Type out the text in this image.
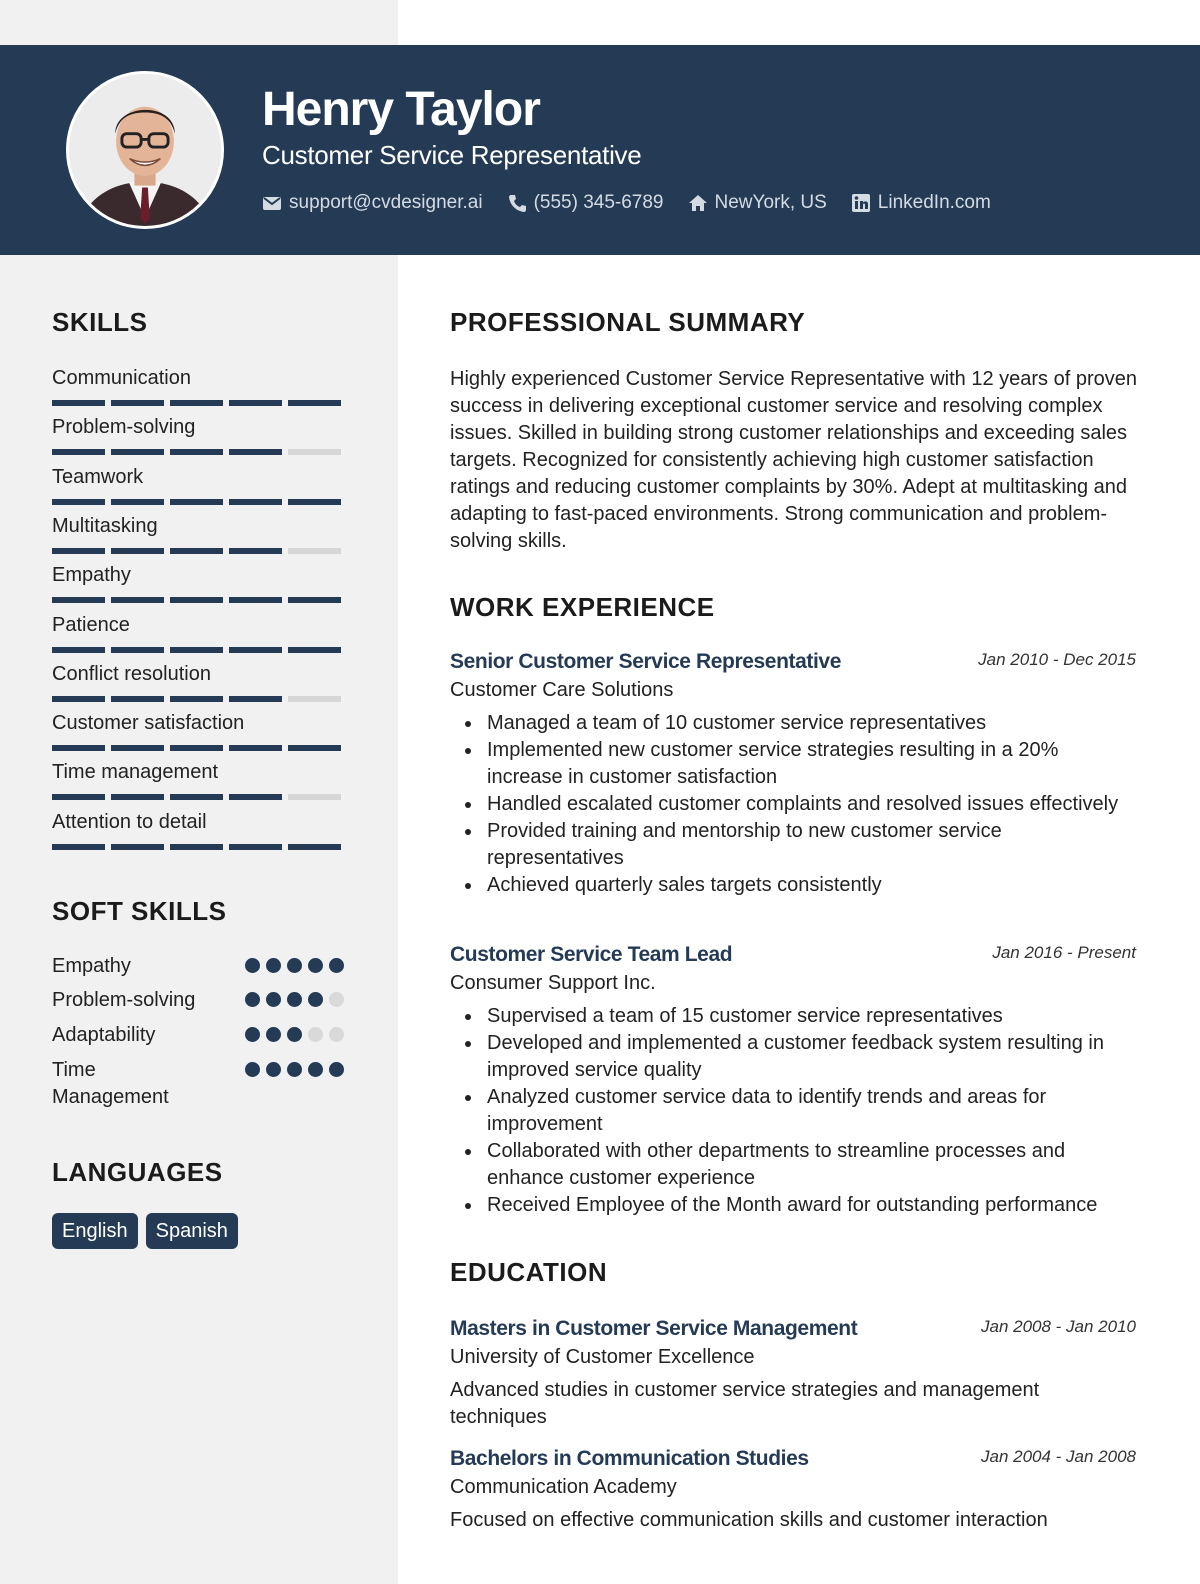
Henry Taylor
Customer Service Representative
support@cvdesigner.ai	(555) 345-6789	NewYork, US	LinkedIn.com
SKILLS
Communication
Problem-solving
Teamwork
Multitasking
Empathy
Patience
Conflict resolution
Customer satisfaction
Time management
Attention to detail
SOFT SKILLS
Empathy
Problem-solving
Adaptability
Time Management
LANGUAGES
English	Spanish
PROFESSIONAL SUMMARY
Highly experienced Customer Service Representative with 12 years of proven success in delivering exceptional customer service and resolving complex issues. Skilled in building strong customer relationships and exceeding sales targets. Recognized for consistently achieving high customer satisfaction ratings and reducing customer complaints by 30%. Adept at multitasking and adapting to fast-paced environments. Strong communication and problem-solving skills.
WORK EXPERIENCE
Senior Customer Service Representative	Jan 2010 - Dec 2015
Customer Care Solutions
Managed a team of 10 customer service representatives
Implemented new customer service strategies resulting in a 20% increase in customer satisfaction
Handled escalated customer complaints and resolved issues effectively
Provided training and mentorship to new customer service representatives
Achieved quarterly sales targets consistently
Customer Service Team Lead	Jan 2016 - Present
Consumer Support Inc.
Supervised a team of 15 customer service representatives
Developed and implemented a customer feedback system resulting in improved service quality
Analyzed customer service data to identify trends and areas for improvement
Collaborated with other departments to streamline processes and enhance customer experience
Received Employee of the Month award for outstanding performance
EDUCATION
Masters in Customer Service Management	Jan 2008 - Jan 2010
University of Customer Excellence
Advanced studies in customer service strategies and management techniques
Bachelors in Communication Studies	Jan 2004 - Jan 2008
Communication Academy
Focused on effective communication skills and customer interaction
